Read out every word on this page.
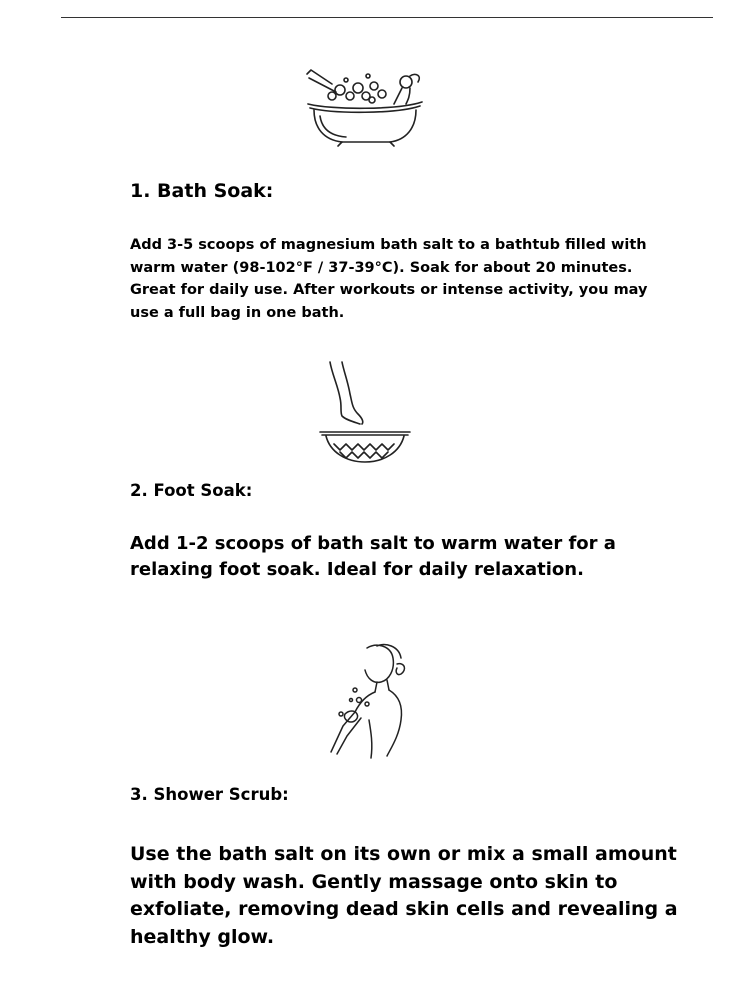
1. Bath Soak:

Add 3-5 scoops of magnesium bath salt to a bathtub filled with warm water (98-102°F / 37-39°C). Soak for about 20 minutes. Great for daily use. After workouts or intense activity, you may use a full bag in one bath.

2. Foot Soak:

Add 1-2 scoops of bath salt to warm water for a relaxing foot soak. Ideal for daily relaxation.

3. Shower Scrub:

Use the bath salt on its own or mix a small amount with body wash. Gently massage onto skin to exfoliate, removing dead skin cells and revealing a healthy glow.
